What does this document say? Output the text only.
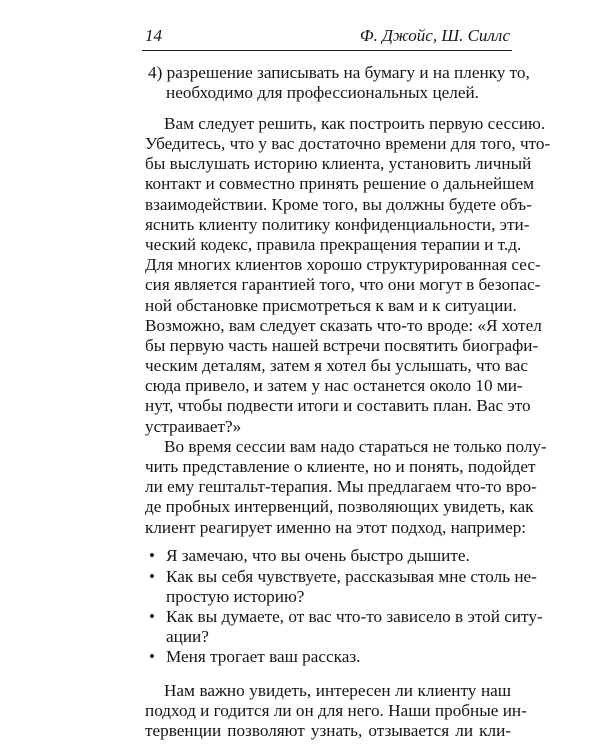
14	Ф. Джойс, Ш. Силлс
4) разрешение записывать на бумагу и на пленку то,
необходимо для профессиональных целей.
Вам следует решить, как построить первую сессию.
Убедитесь, что у вас достаточно времени для того, что-
бы выслушать историю клиента, установить личный
контакт и совместно принять решение о дальнейшем
взаимодействии. Кроме того, вы должны будете объ-
яснить клиенту политику конфиденциальности, эти-
ческий кодекс, правила прекращения терапии и т.д.
Для многих клиентов хорошо структурированная сес-
сия является гарантией того, что они могут в безопас-
ной обстановке присмотреться к вам и к ситуации.
Возможно, вам следует сказать что-то вроде: «Я хотел
бы первую часть нашей встречи посвятить биографи-
ческим деталям, затем я хотел бы услышать, что вас
сюда привело, и затем у нас останется около 10 ми-
нут, чтобы подвести итоги и составить план. Вас это
устраивает?»
Во время сессии вам надо стараться не только полу-
чить представление о клиенте, но и понять, подойдет
ли ему гештальт-терапия. Мы предлагаем что-то вро-
де пробных интервенций, позволяющих увидеть, как
клиент реагирует именно на этот подход, например:
• Я замечаю, что вы очень быстро дышите.
• Как вы себя чувствуете, рассказывая мне столь не-
простую историю?
• Как вы думаете, от вас что-то зависело в этой ситу-
ации?
• Меня трогает ваш рассказ.
Нам важно увидеть, интересен ли клиенту наш
подход и годится ли он для него. Наши пробные ин-
тервенции позволяют узнать, отзывается ли кли-
